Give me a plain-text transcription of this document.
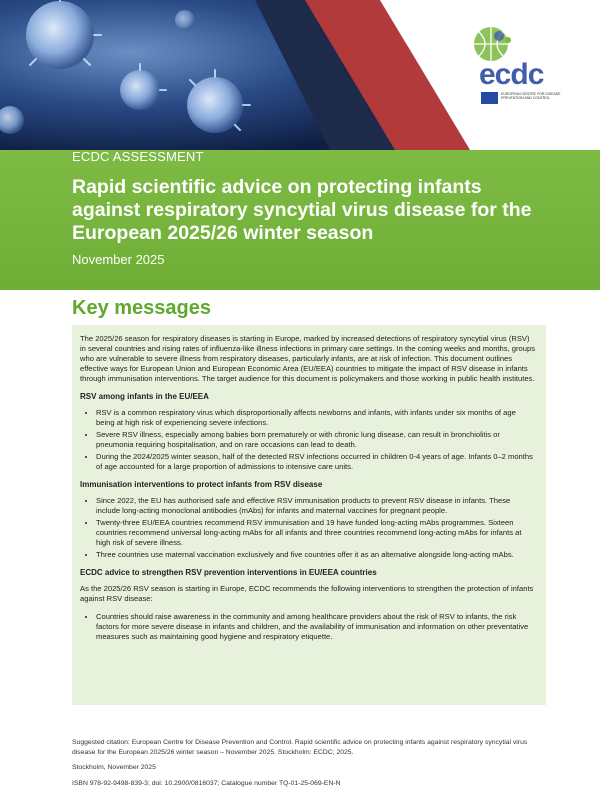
ecdc
EUROPEAN CENTRE FOR DISEASE PREVENTION AND CONTROL
ECDC ASSESSMENT
Rapid scientific advice on protecting infants against respiratory syncytial virus disease for the European 2025/26 winter season
November 2025
Key messages

The 2025/26 season for respiratory diseases is starting in Europe, marked by increased detections of respiratory syncytial virus (RSV) in several countries and rising rates of influenza-like illness infections in primary care settings. In the coming weeks and months, groups who are vulnerable to severe illness from respiratory diseases, particularly infants, are at risk of infection. This document outlines effective ways for European Union and European Economic Area (EU/EEA) countries to mitigate the impact of RSV disease in infants through immunisation interventions. The target audience for this document is policymakers and those working in public health institutes.

RSV among infants in the EU/EEA
• RSV is a common respiratory virus which disproportionally affects newborns and infants, with infants under six months of age being at high risk of experiencing severe infections.
• Severe RSV illness, especially among babies born prematurely or with chronic lung disease, can result in bronchiolitis or pneumonia requiring hospitalisation, and on rare occasions can lead to death.
• During the 2024/2025 winter season, half of the detected RSV infections occurred in children 0-4 years of age. Infants 0–2 months of age accounted for a large proportion of admissions to intensive care units.
Immunisation interventions to protect infants from RSV disease
• Since 2022, the EU has authorised safe and effective RSV immunisation products to prevent RSV disease in infants. These include long-acting monoclonal antibodies (mAbs) for infants and maternal vaccines for pregnant people.
• Twenty-three EU/EEA countries recommend RSV immunisation and 19 have funded long-acting mAbs programmes. Sixteen countries recommend universal long-acting mAbs for all infants and three countries recommend long-acting mAbs for infants at high risk of severe illness.
• Three countries use maternal vaccination exclusively and five countries offer it as an alternative alongside long-acting mAbs.
ECDC advice to strengthen RSV prevention interventions in EU/EEA countries

As the 2025/26 RSV season is starting in Europe, ECDC recommends the following interventions to strengthen the protection of infants against RSV disease:

• Countries should raise awareness in the community and among healthcare providers about the risk of RSV to infants, the risk factors for more severe disease in infants and children, and the availability of immunisation and information on other preventative measures such as maintaining good hygiene and respiratory etiquette.

Suggested citation: European Centre for Disease Prevention and Control. Rapid scientific advice on protecting infants against respiratory syncytial virus disease for the European 2025/26 winter season – November 2025. Stockholm: ECDC; 2025.

Stockholm, November 2025

ISBN 978-92-9498-839-3; doi: 10.2900/0816037; Catalogue number TQ-01-25-069-EN-N
